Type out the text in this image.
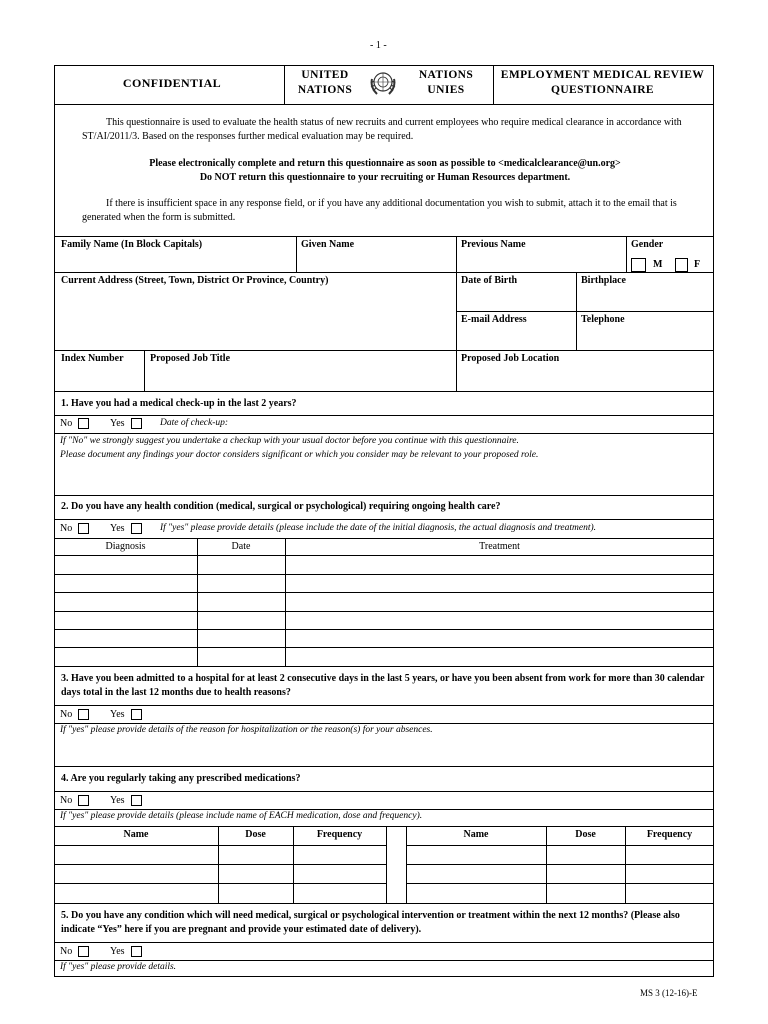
- 1 -
CONFIDENTIAL
UNITED NATIONS
NATIONS UNIES
EMPLOYMENT MEDICAL REVIEW QUESTIONNAIRE
This questionnaire is used to evaluate the health status of new recruits and current employees who require medical clearance in accordance with ST/AI/2011/3. Based on the responses further medical evaluation may be required.
Please electronically complete and return this questionnaire as soon as possible to <medicalclearance@un.org>
Do NOT return this questionnaire to your recruiting or Human Resources department.
If there is insufficient space in any response field, or if you have any additional documentation you wish to submit, attach it to the email that is generated when the form is submitted.
Family Name (In Block Capitals)	Given Name	Previous Name	Gender
M	F
Current Address (Street, Town, District Or Province, Country)	Date of Birth	Birthplace
E-mail Address	Telephone
Index Number	Proposed Job Title	Proposed Job Location
1. Have you had a medical check-up in the last 2 years?
No	Yes	Date of check-up:
If "No" we strongly suggest you undertake a checkup with your usual doctor before you continue with this questionnaire.
Please document any findings your doctor considers significant or which you consider may be relevant to your proposed role.
2. Do you have any health condition (medical, surgical or psychological) requiring ongoing health care?
No	Yes	If "yes" please provide details (please include the date of the initial diagnosis, the actual diagnosis and treatment).
Diagnosis	Date	Treatment
3. Have you been admitted to a hospital for at least 2 consecutive days in the last 5 years, or have you been absent from work for more than 30 calendar days total in the last 12 months due to health reasons?
No	Yes
If "yes" please provide details of the reason for hospitalization or the reason(s) for your absences.
4. Are you regularly taking any prescribed medications?
No	Yes
If "yes" please provide details (please include name of EACH medication, dose and frequency).
Name	Dose	Frequency	Name	Dose	Frequency
5. Do you have any condition which will need medical, surgical or psychological intervention or treatment within the next 12 months? (Please also indicate “Yes” here if you are pregnant and provide your estimated date of delivery).
No	Yes
If "yes" please provide details.
MS 3 (12-16)-E
